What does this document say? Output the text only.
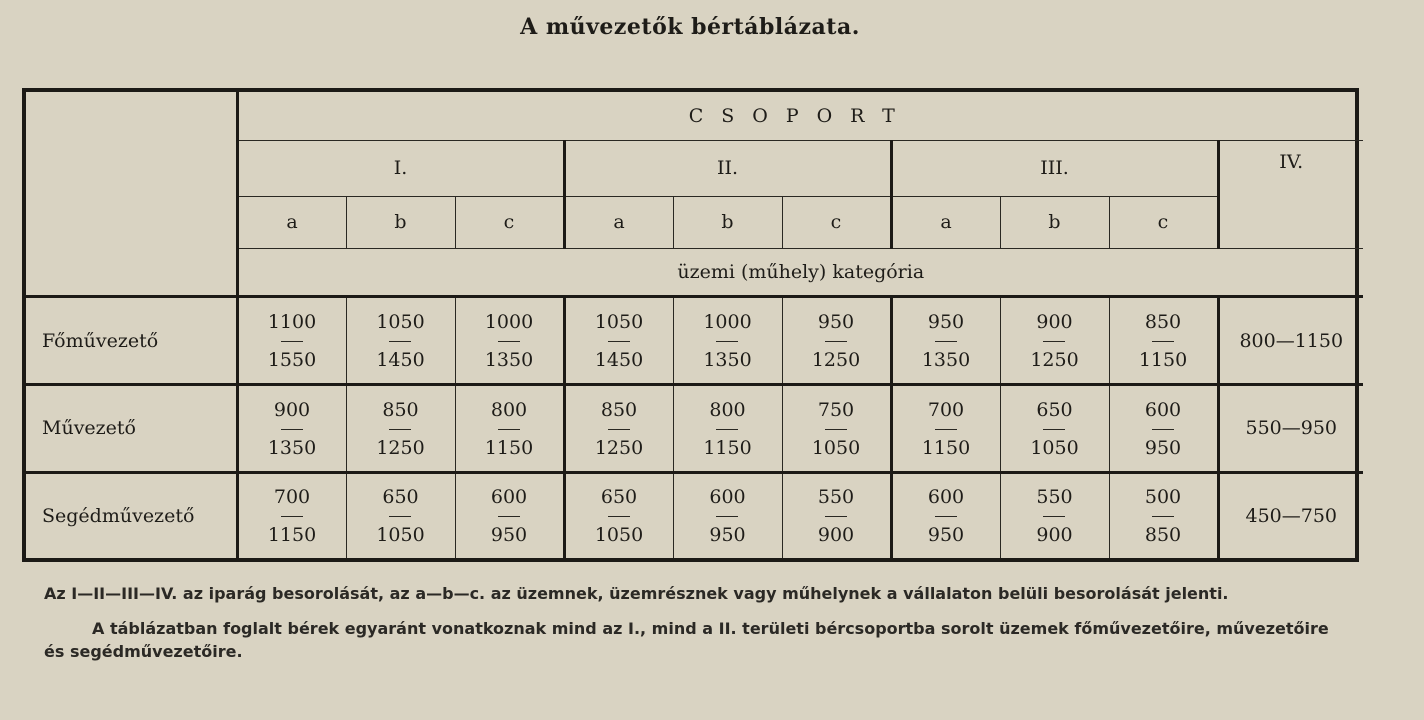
A művezetők bértáblázata.
	CSOPORT									
	I.			II.			III.			IV.
	a	b	c	a	b	c	a	b	c	
	üzemi (műhely) kategória									
Főművezető	$\frac{1100}{1550}$	$\frac{1050}{1450}$	$\frac{1000}{1350}$	$\frac{1050}{1450}$	$\frac{1000}{1350}$	$\frac{950}{1250}$	$\frac{950}{1350}$	$\frac{900}{1250}$	$\frac{850}{1150}$	800—1150
Művezető	$\frac{900}{1350}$	$\frac{850}{1250}$	$\frac{800}{1150}$	$\frac{850}{1250}$	$\frac{800}{1150}$	$\frac{750}{1050}$	$\frac{700}{1150}$	$\frac{650}{1050}$	$\frac{600}{950}$	550—950
Segédművezető	$\frac{700}{1150}$	$\frac{650}{1050}$	$\frac{600}{950}$	$\frac{650}{1050}$	$\frac{600}{950}$	$\frac{550}{900}$	$\frac{600}{950}$	$\frac{550}{900}$	$\frac{500}{850}$	450—750

Az I—II—III—IV. az iparág besorolását, az a—b—c. az üzemnek, üzemrésznek vagy műhelynek a vállalaton belüli besorolását jelenti.

A táblázatban foglalt bérek egyaránt vonatkoznak mind az I., mind a II. területi bércsoportba sorolt üzemek főművezetőire, művezetőire és segédművezetőire.
